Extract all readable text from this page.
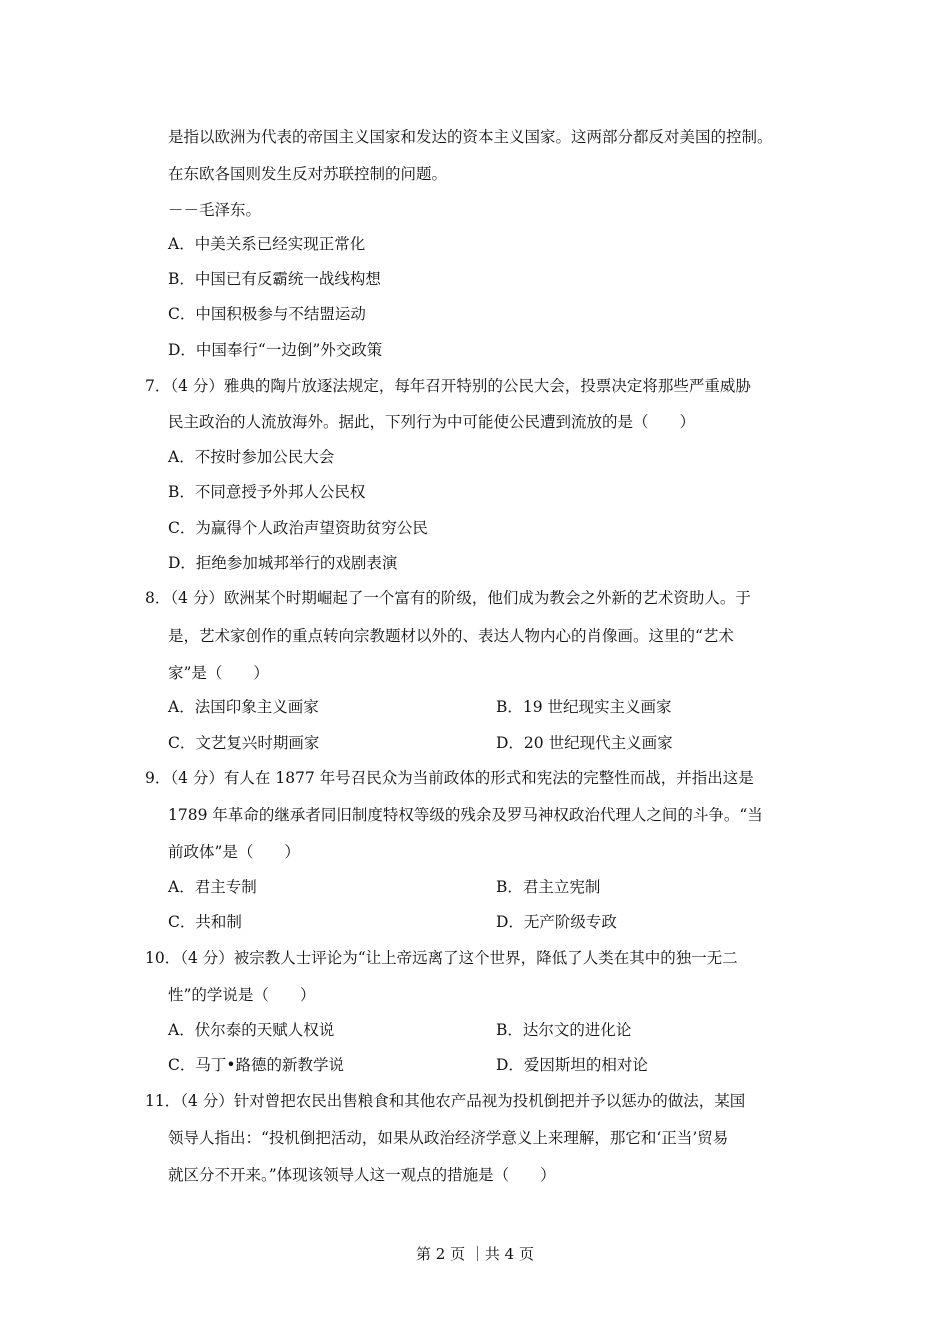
是指以欧洲为代表的帝国主义国家和发达的资本主义国家。这两部分都反对美国的控制。
在东欧各国则发生反对苏联控制的问题。
－－毛泽东。
A．中美关系已经实现正常化
B．中国已有反霸统一战线构想
C．中国积极参与不结盟运动
D．中国奉行“一边倒”外交政策
7．（4 分）雅典的陶片放逐法规定，每年召开特别的公民大会，投票决定将那些严重威胁
民主政治的人流放海外。据此，下列行为中可能使公民遭到流放的是（　　）
A．不按时参加公民大会
B．不同意授予外邦人公民权
C．为赢得个人政治声望资助贫穷公民
D．拒绝参加城邦举行的戏剧表演
8．（4 分）欧洲某个时期崛起了一个富有的阶级，他们成为教会之外新的艺术资助人。于
是，艺术家创作的重点转向宗教题材以外的、表达人物内心的肖像画。这里的“艺术
家”是（　　）
A．法国印象主义画家	B．19 世纪现实主义画家
C．文艺复兴时期画家	D．20 世纪现代主义画家
9．（4 分）有人在 1877 年号召民众为当前政体的形式和宪法的完整性而战，并指出这是
1789 年革命的继承者同旧制度特权等级的残余及罗马神权政治代理人之间的斗争。“当
前政体”是（　　）
A．君主专制	B．君主立宪制
C．共和制	D．无产阶级专政
10．（4 分）被宗教人士评论为“让上帝远离了这个世界，降低了人类在其中的独一无二
性”的学说是（　　）
A．伏尔泰的天赋人权说	B．达尔文的进化论
C．马丁•路德的新教学说	D．爱因斯坦的相对论
11．（4 分）针对曾把农民出售粮食和其他农产品视为投机倒把并予以惩办的做法，某国
领导人指出：“投机倒把活动，如果从政治经济学意义上来理解，那它和‘正当’贸易
就区分不开来。”体现该领导人这一观点的措施是（　　）
第 2 页 ｜共 4 页
